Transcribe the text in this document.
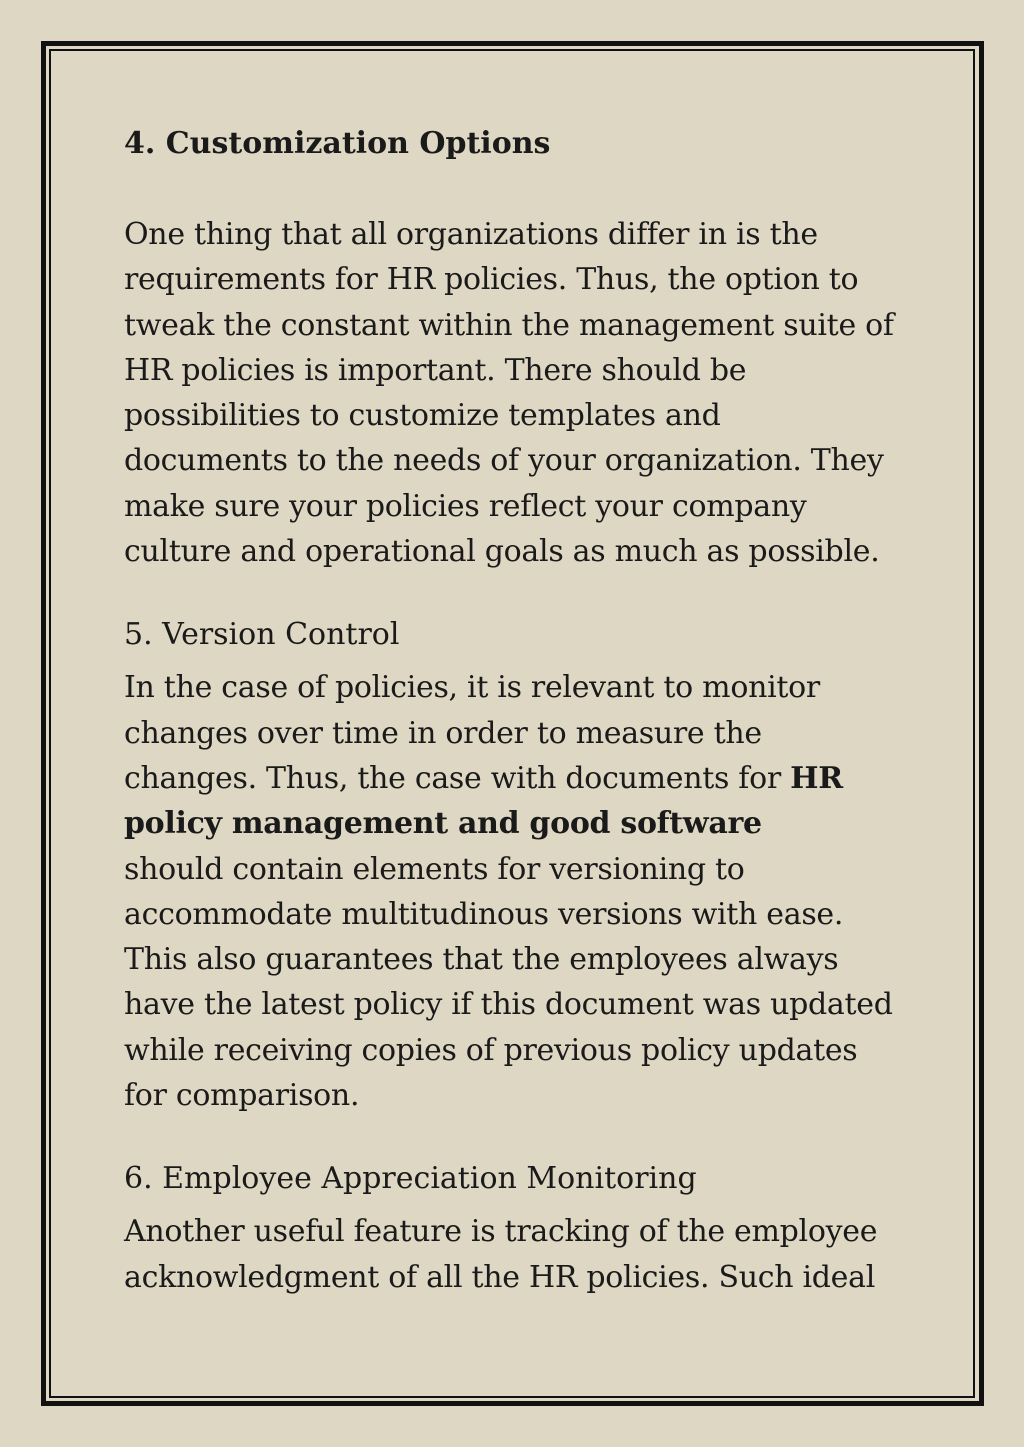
4. Customization Options

One thing that all organizations differ in is the
requirements for HR policies. Thus, the option to
tweak the constant within the management suite of
HR policies is important. There should be
possibilities to customize templates and
documents to the needs of your organization. They
make sure your policies reflect your company
culture and operational goals as much as possible.

5. Version Control

In the case of policies, it is relevant to monitor
changes over time in order to measure the
changes. Thus, the case with documents for HR
policy management and good software
should contain elements for versioning to
accommodate multitudinous versions with ease.
This also guarantees that the employees always
have the latest policy if this document was updated
while receiving copies of previous policy updates
for comparison.

6. Employee Appreciation Monitoring

Another useful feature is tracking of the employee
acknowledgment of all the HR policies. Such ideal
